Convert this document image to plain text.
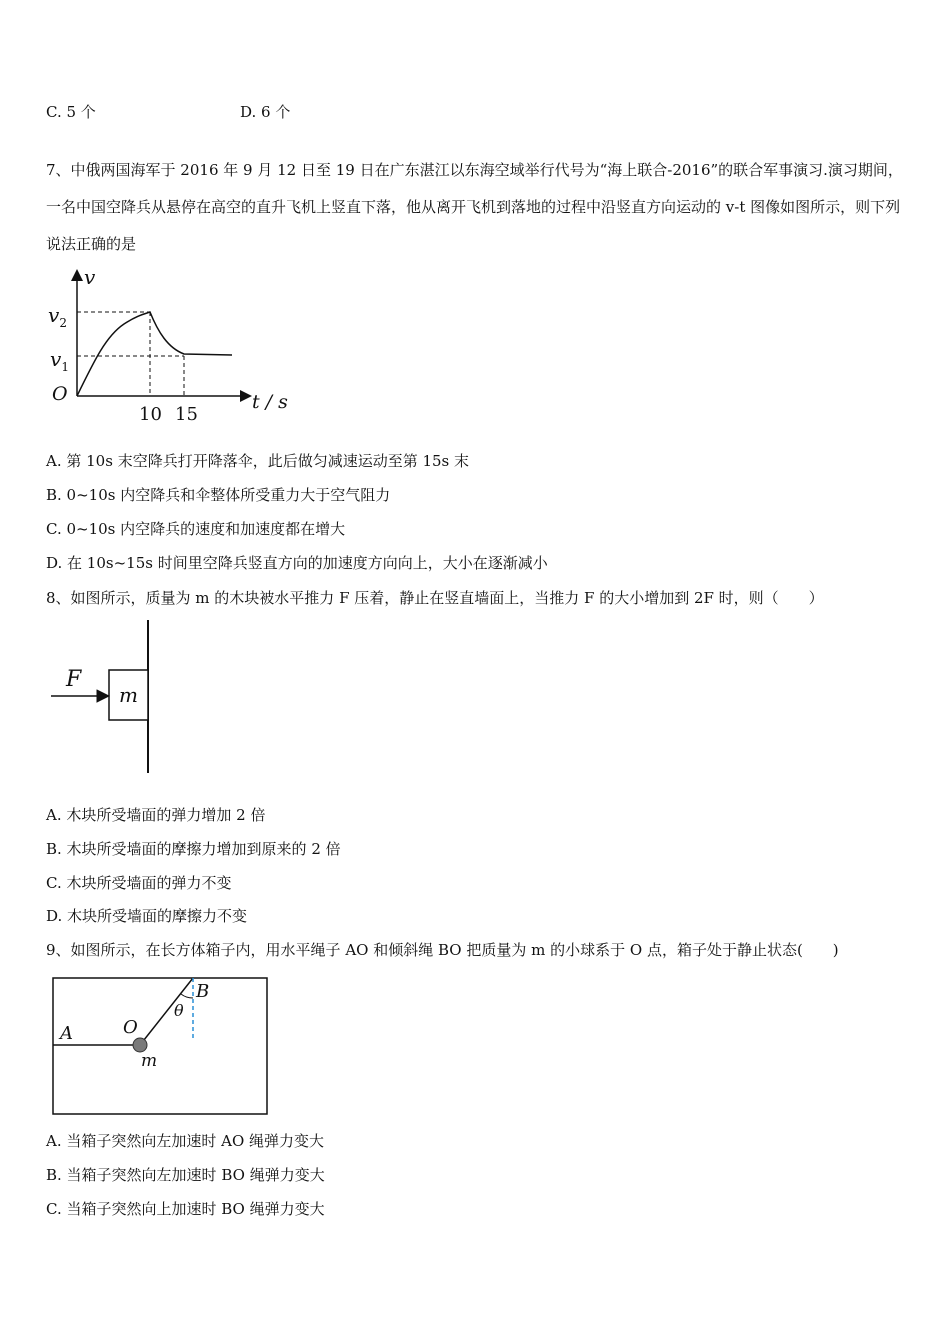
C. 5 个	D. 6 个
7、中俄两国海军于 2016 年 9 月 12 日至 19 日在广东湛江以东海空域举行代号为“海上联合-2016”的联合军事演习.演习期间，一名中国空降兵从悬停在高空的直升飞机上竖直下落，他从离开飞机到落地的过程中沿竖直方向运动的 v-t 图像如图所示，则下列说法正确的是
v
$v_2$
$v_1$
O
10 15
t / s
A. 第 10s 末空降兵打开降落伞，此后做匀减速运动至第 15s 末
B. 0~10s 内空降兵和伞整体所受重力大于空气阻力
C. 0~10s 内空降兵的速度和加速度都在增大
D. 在 10s~15s 时间里空降兵竖直方向的加速度方向向上，大小在逐渐减小
8、如图所示，质量为 m 的木块被水平推力 F 压着，静止在竖直墙面上，当推力 F 的大小增加到 2F 时，则（　　）
F
m
A. 木块所受墙面的弹力增加 2 倍
B. 木块所受墙面的摩擦力增加到原来的 2 倍
C. 木块所受墙面的弹力不变
D. 木块所受墙面的摩擦力不变
9、如图所示，在长方体箱子内，用水平绳子 AO 和倾斜绳 BO 把质量为 m 的小球系于 O 点，箱子处于静止状态(　　)
A
B
O
m
θ
A. 当箱子突然向左加速时 AO 绳弹力变大
B. 当箱子突然向左加速时 BO 绳弹力变大
C. 当箱子突然向上加速时 BO 绳弹力变大
